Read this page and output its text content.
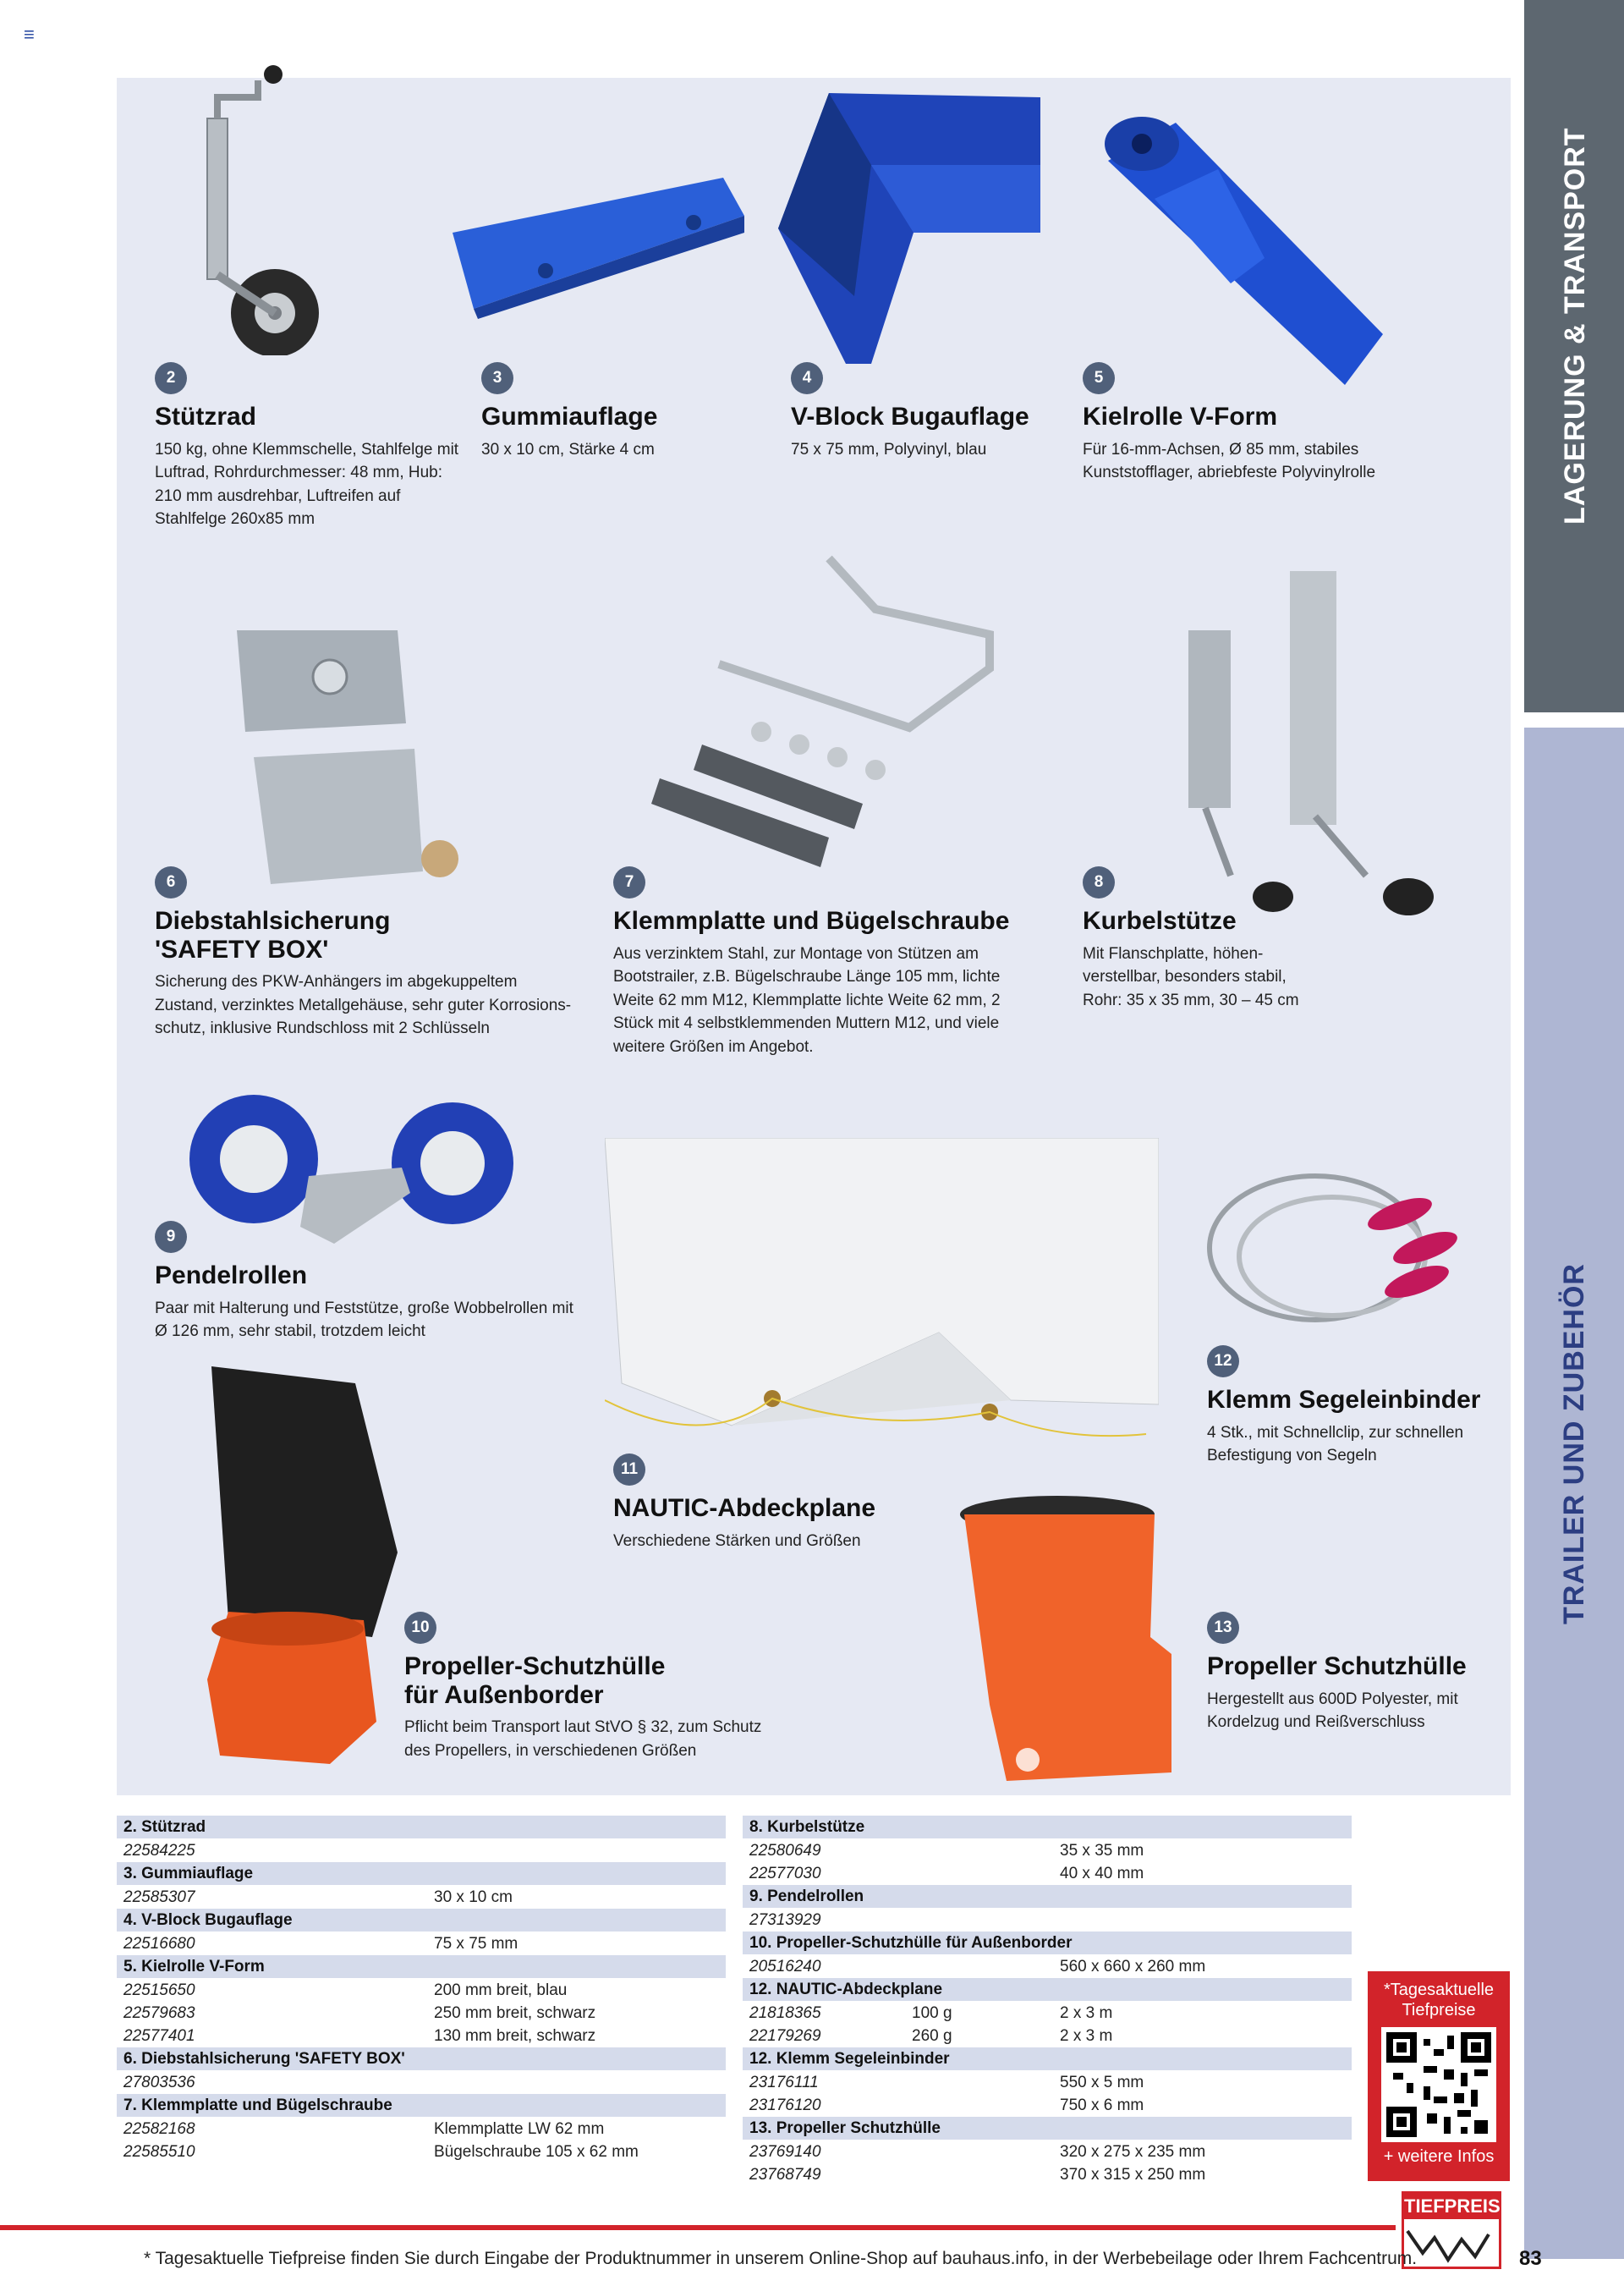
≡
LAGERUNG & TRANSPORT
TRAILER UND ZUBEHÖR
2
Stützrad

150 kg, ohne Klemmschelle, Stahlfelge mit Luftrad, Rohrdurchmesser: 48 mm, Hub: 210 mm ausdrehbar, Luftreifen auf Stahlfelge 260x85 mm

3
Gummiauflage

30 x 10 cm, Stärke 4 cm

4
V-Block Bugauflage

75 x 75 mm, Polyvinyl, blau

5
Kielrolle V-Form

Für 16-mm-Achsen, Ø 85 mm, stabiles Kunststofflager, abriebfeste Polyvinylrolle

6
Diebstahlsicherung 'SAFETY BOX'

Sicherung des PKW-Anhängers im abgekuppeltem Zustand, verzinktes Metallgehäuse, sehr guter Korrosions-schutz, inklusive Rundschloss mit 2 Schlüsseln

7
Klemmplatte und Bügelschraube

Aus verzinktem Stahl, zur Montage von Stützen am Bootstrailer, z.B. Bügelschraube Länge 105 mm, lichte Weite 62 mm M12, Klemmplatte lichte Weite 62 mm, 2 Stück mit 4 selbstklemmenden Muttern M12, und viele weitere Größen im Angebot.

8
Kurbelstütze

Mit Flanschplatte, höhen-verstellbar, besonders stabil, Rohr: 35 x 35 mm, 30 – 45 cm

9
Pendelrollen

Paar mit Halterung und Feststütze, große Wobbelrollen mit Ø 126 mm, sehr stabil, trotzdem leicht

10
Propeller-Schutzhülle für Außenborder

Pflicht beim Transport laut StVO § 32, zum Schutz des Propellers, in verschiedenen Größen

11
NAUTIC-Abdeckplane

Verschiedene Stärken und Größen

12
Klemm Segeleinbinder

4 Stk., mit Schnellclip, zur schnellen Befestigung von Segeln

13
Propeller Schutzhülle

Hergestellt aus 600D Polyester, mit Kordelzug und Reißverschluss

2. Stützrad
22584225
3. Gummiauflage
22585307	30 x 10 cm
4. V-Block Bugauflage
22516680	75 x 75 mm
5. Kielrolle V-Form
22515650	200 mm breit, blau
22579683	250 mm breit, schwarz
22577401	130 mm breit, schwarz
6. Diebstahlsicherung 'SAFETY BOX'
27803536
7. Klemmplatte und Bügelschraube
22582168	Klemmplatte LW 62 mm
22585510	Bügelschraube 105 x 62 mm
8. Kurbelstütze
22580649	35 x 35 mm
22577030	40 x 40 mm
9. Pendelrollen
27313929
10. Propeller-Schutzhülle für Außenborder
20516240	560 x 660 x 260 mm
12. NAUTIC-Abdeckplane
21818365	100 g	2 x 3 m
22179269	260 g	2 x 3 m
12. Klemm Segeleinbinder
23176111	550 x 5 mm
23176120	750 x 6 mm
13. Propeller Schutzhülle
23769140	320 x 275 x 235 mm
23768749	370 x 315 x 250 mm
*Tagesaktuelle Tiefpreise
+ weitere Infos
TIEFPREIS
* Tagesaktuelle Tiefpreise finden Sie durch Eingabe der Produktnummer in unserem Online-Shop auf bauhaus.info, in der Werbebeilage oder Ihrem Fachcentrum.	83
